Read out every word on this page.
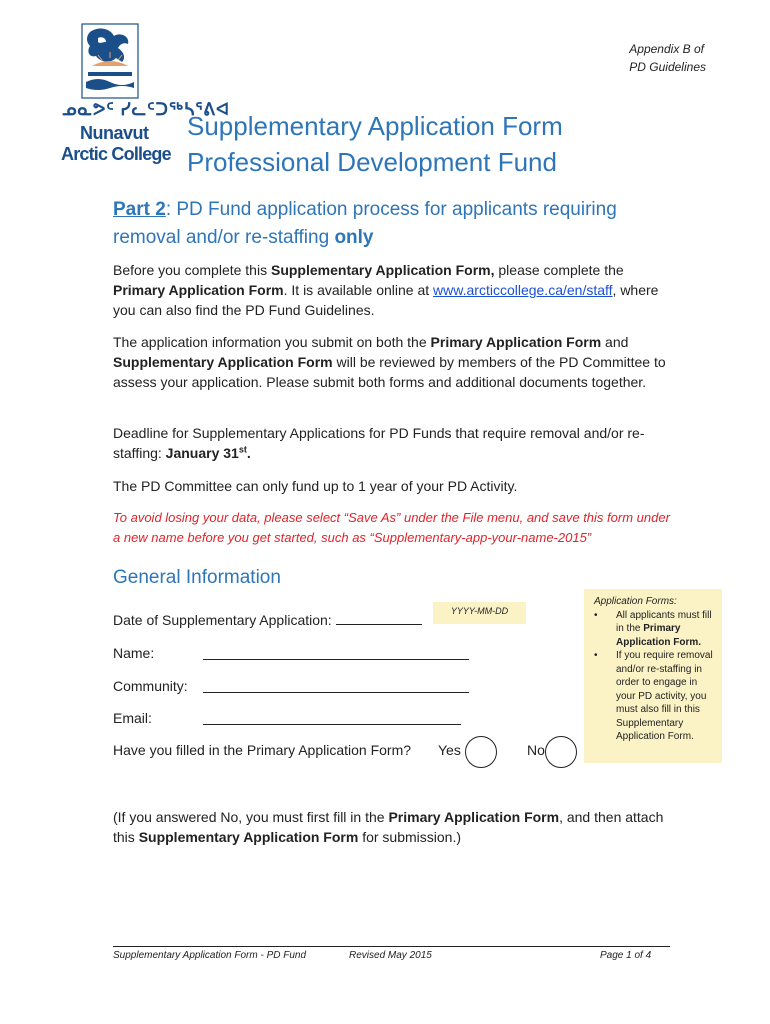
Appendix B of
PD Guidelines
ᓄᓇᕗᑦ ᓯᓚᑦᑐᖅᓴᕐᕕᐊ
Nunavut
Arctic College
Supplementary Application Form
Professional Development Fund
Part 2: PD Fund application process for applicants requiring removal and/or re-staffing only
Before you complete this Supplementary Application Form, please complete the Primary Application Form. It is available online at www.arcticcollege.ca/en/staff, where you can also find the PD Fund Guidelines.
The application information you submit on both the Primary Application Form and Supplementary Application Form will be reviewed by members of the PD Committee to assess your application. Please submit both forms and additional documents together.
Deadline for Supplementary Applications for PD Funds that require removal and/or re-staffing: January 31st.
The PD Committee can only fund up to 1 year of your PD Activity.
To avoid losing your data, please select “Save As” under the File menu, and save this form under a new name before you get started, such as “Supplementary-app-your-name-2015”
General Information
Date of Supplementary Application:
YYYY-MM-DD
Name:
Community:
Email:
Have you filled in the Primary Application Form? Yes	No
(If you answered No, you must first fill in the Primary Application Form, and then attach this Supplementary Application Form for submission.)
Application Forms:
• All applicants must fill in the Primary Application Form.
• If you require removal and/or re-staffing in order to engage in your PD activity, you must also fill in this Supplementary Application Form.
Supplementary Application Form - PD Fund	Revised May 2015	Page 1 of 4
